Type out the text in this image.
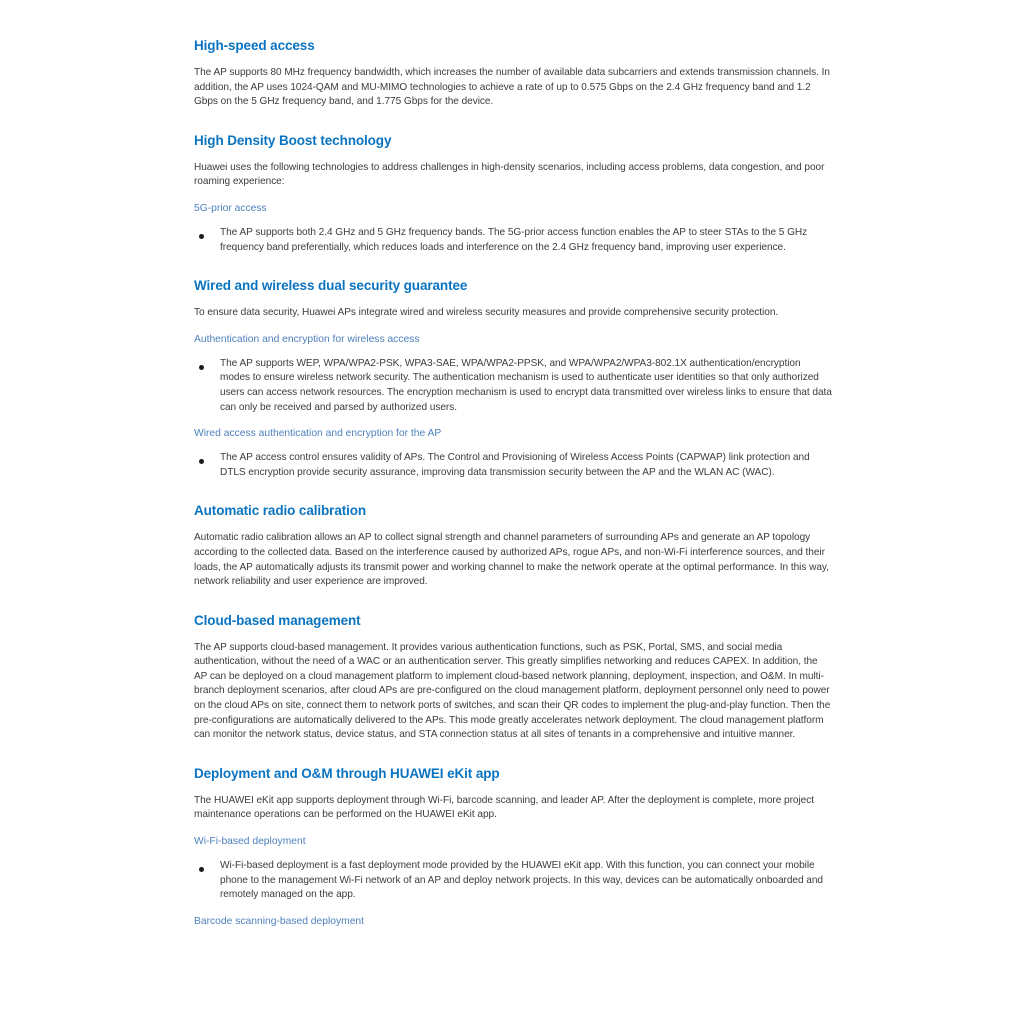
High-speed access

The AP supports 80 MHz frequency bandwidth, which increases the number of available data subcarriers and extends transmission channels. In addition, the AP uses 1024-QAM and MU-MIMO technologies to achieve a rate of up to 0.575 Gbps on the 2.4 GHz frequency band and 1.2 Gbps on the 5 GHz frequency band, and 1.775 Gbps for the device.

High Density Boost technology

Huawei uses the following technologies to address challenges in high-density scenarios, including access problems, data congestion, and poor roaming experience:

5G-prior access

The AP supports both 2.4 GHz and 5 GHz frequency bands. The 5G-prior access function enables the AP to steer STAs to the 5 GHz frequency band preferentially, which reduces loads and interference on the 2.4 GHz frequency band, improving user experience.

Wired and wireless dual security guarantee

To ensure data security, Huawei APs integrate wired and wireless security measures and provide comprehensive security protection.

Authentication and encryption for wireless access

The AP supports WEP, WPA/WPA2-PSK, WPA3-SAE, WPA/WPA2-PPSK, and WPA/WPA2/WPA3-802.1X authentication/encryption modes to ensure wireless network security. The authentication mechanism is used to authenticate user identities so that only authorized users can access network resources. The encryption mechanism is used to encrypt data transmitted over wireless links to ensure that data can only be received and parsed by authorized users.

Wired access authentication and encryption for the AP

The AP access control ensures validity of APs. The Control and Provisioning of Wireless Access Points (CAPWAP) link protection and DTLS encryption provide security assurance, improving data transmission security between the AP and the WLAN AC (WAC).

Automatic radio calibration

Automatic radio calibration allows an AP to collect signal strength and channel parameters of surrounding APs and generate an AP topology according to the collected data. Based on the interference caused by authorized APs, rogue APs, and non-Wi-Fi interference sources, and their loads, the AP automatically adjusts its transmit power and working channel to make the network operate at the optimal performance. In this way, network reliability and user experience are improved.

Cloud-based management

The AP supports cloud-based management. It provides various authentication functions, such as PSK, Portal, SMS, and social media authentication, without the need of a WAC or an authentication server. This greatly simplifies networking and reduces CAPEX. In addition, the AP can be deployed on a cloud management platform to implement cloud-based network planning, deployment, inspection, and O&M. In multi-branch deployment scenarios, after cloud APs are pre-configured on the cloud management platform, deployment personnel only need to power on the cloud APs on site, connect them to network ports of switches, and scan their QR codes to implement the plug-and-play function. Then the pre-configurations are automatically delivered to the APs. This mode greatly accelerates network deployment. The cloud management platform can monitor the network status, device status, and STA connection status at all sites of tenants in a comprehensive and intuitive manner.

Deployment and O&M through HUAWEI eKit app

The HUAWEI eKit app supports deployment through Wi-Fi, barcode scanning, and leader AP. After the deployment is complete, more project maintenance operations can be performed on the HUAWEI eKit app.

Wi-Fi-based deployment

Wi-Fi-based deployment is a fast deployment mode provided by the HUAWEI eKit app. With this function, you can connect your mobile phone to the management Wi-Fi network of an AP and deploy network projects. In this way, devices can be automatically onboarded and remotely managed on the app.

Barcode scanning-based deployment
